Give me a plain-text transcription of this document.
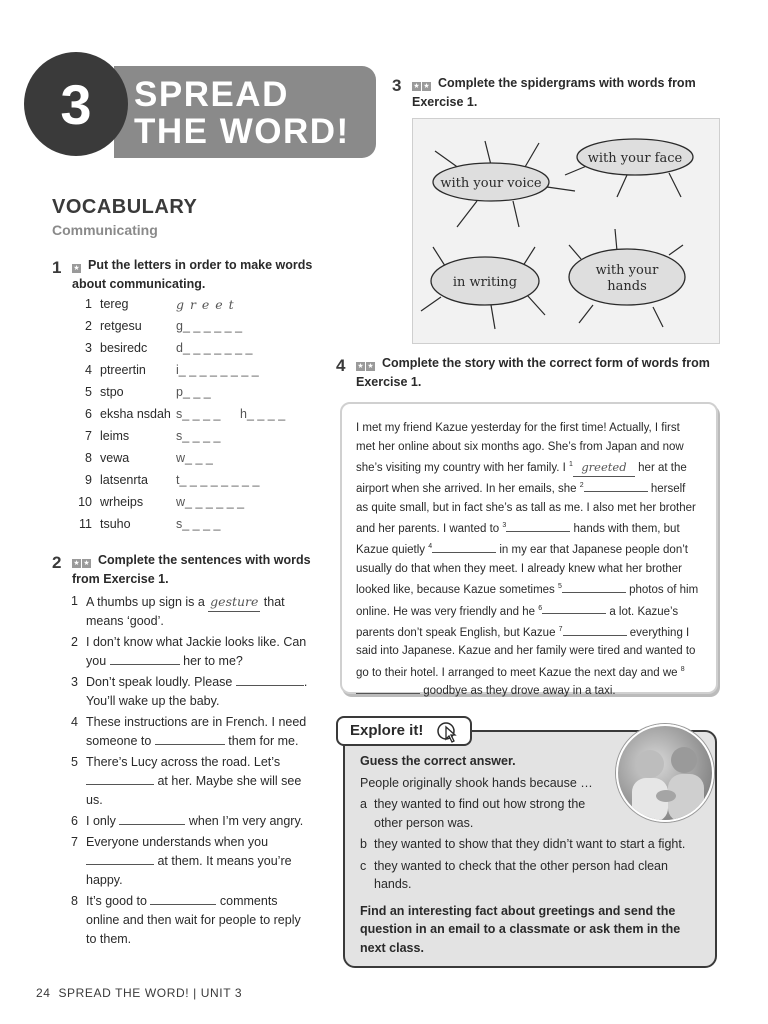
3	SPREAD
THE WORD!
VOCABULARY
Communicating
1 ★ Put the letters in order to make words
about communicating.
1 tereg	g r e e t
2 retgesu	g_ _ _ _ _ _
3 besiredc d_ _ _ _ _ _ _
4 ptreertin i_ _ _ _ _ _ _ _
5 stpo	p_ _ _
6 eksha nsdah s_ _ _ _ h_ _ _ _
7 leims	s_ _ _ _
8 vewa	w_ _ _
9 latsenrta t_ _ _ _ _ _ _ _
10 wrheips	w_ _ _ _ _ _
11 tsuho	s_ _ _ _
2 ★ ★ Complete the sentences with words
from Exercise 1.
1 A thumbs up sign is a gesture that
means ‘good’.
2 I don’t know what Jackie looks like. Can
you	her to me?
3 Don’t speak loudly. Please	.
You’ll wake up the baby.
4 These instructions are in French. I need
someone to	them for me.
5 There’s Lucy across the road. Let’s
at her. Maybe she will see
us.
6 I only	when I’m very angry.
7 Everyone understands when you
at them. It means you’re
happy.
8 It’s good to	comments
online and then wait for people to reply
to them.
3 ★ ★ Complete the spidergrams with words from
Exercise 1.
with your voice
with your face
in writing
with your
hands
4 ★ ★ Complete the story with the correct form of words from
Exercise 1.
I met my friend Kazue yesterday for the first time! Actually, I first met her online about six months ago. She’s from Japan and now she’s visiting my country with her family. I $^1$ greeted her at the airport when she arrived. In her emails, she $^2$	herself as quite small, but in fact she’s as tall as me. I also met her brother and her parents. I wanted to $^3$	hands with them, but Kazue quietly $^4$	in my ear that Japanese people don’t usually do that when they meet. I already knew what her brother looked like, because Kazue sometimes $^5$	photos of him online. He was very friendly and he $^6$	a lot. Kazue’s parents don’t speak English, but Kazue $^7$	everything I said into Japanese. Kazue and her family were tired and wanted to go to their hotel. I arranged to meet Kazue the next day and we $^8$ goodbye as they drove away in a taxi.
Explore it!
Guess the correct answer.
People originally shook hands because …
a they wanted to find out how strong the other person was.
b they wanted to show that they didn’t want to start a fight.
c they wanted to check that the other person had clean hands.
Find an interesting fact about greetings and send the question in an email to a classmate or ask them in the next class.
24 SPREAD THE WORD! | UNIT 3
